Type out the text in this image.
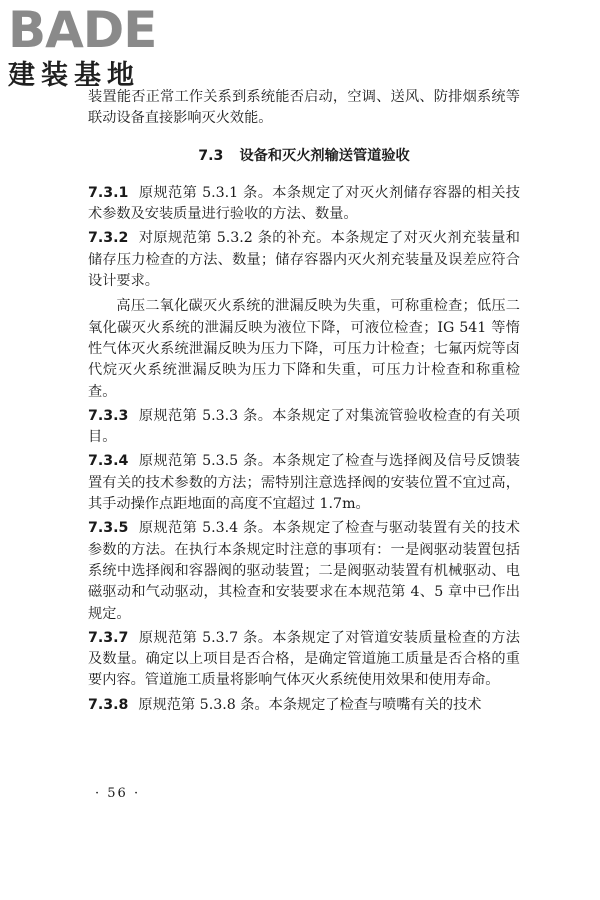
BADE
建装基地

装置能否正常工作关系到系统能否启动，空调、送风、防排烟系统等联动设备直接影响灭火效能。

7.3 设备和灭火剂输送管道验收

7.3.1 原规范第 5.3.1 条。本条规定了对灭火剂储存容器的相关技术参数及安装质量进行验收的方法、数量。

7.3.2 对原规范第 5.3.2 条的补充。本条规定了对灭火剂充装量和储存压力检查的方法、数量；储存容器内灭火剂充装量及误差应符合设计要求。

高压二氧化碳灭火系统的泄漏反映为失重，可称重检查；低压二氧化碳灭火系统的泄漏反映为液位下降，可液位检查；IG 541 等惰性气体灭火系统泄漏反映为压力下降，可压力计检查；七氟丙烷等卤代烷灭火系统泄漏反映为压力下降和失重，可压力计检查和称重检查。

7.3.3 原规范第 5.3.3 条。本条规定了对集流管验收检查的有关项目。

7.3.4 原规范第 5.3.5 条。本条规定了检查与选择阀及信号反馈装置有关的技术参数的方法；需特别注意选择阀的安装位置不宜过高，其手动操作点距地面的高度不宜超过 1.7m。

7.3.5 原规范第 5.3.4 条。本条规定了检查与驱动装置有关的技术参数的方法。在执行本条规定时注意的事项有：一是阀驱动装置包括系统中选择阀和容器阀的驱动装置；二是阀驱动装置有机械驱动、电磁驱动和气动驱动，其检查和安装要求在本规范第 4、5 章中已作出规定。

7.3.7 原规范第 5.3.7 条。本条规定了对管道安装质量检查的方法及数量。确定以上项目是否合格，是确定管道施工质量是否合格的重要内容。管道施工质量将影响气体灭火系统使用效果和使用寿命。

7.3.8 原规范第 5.3.8 条。本条规定了检查与喷嘴有关的技术

· 56 ·
